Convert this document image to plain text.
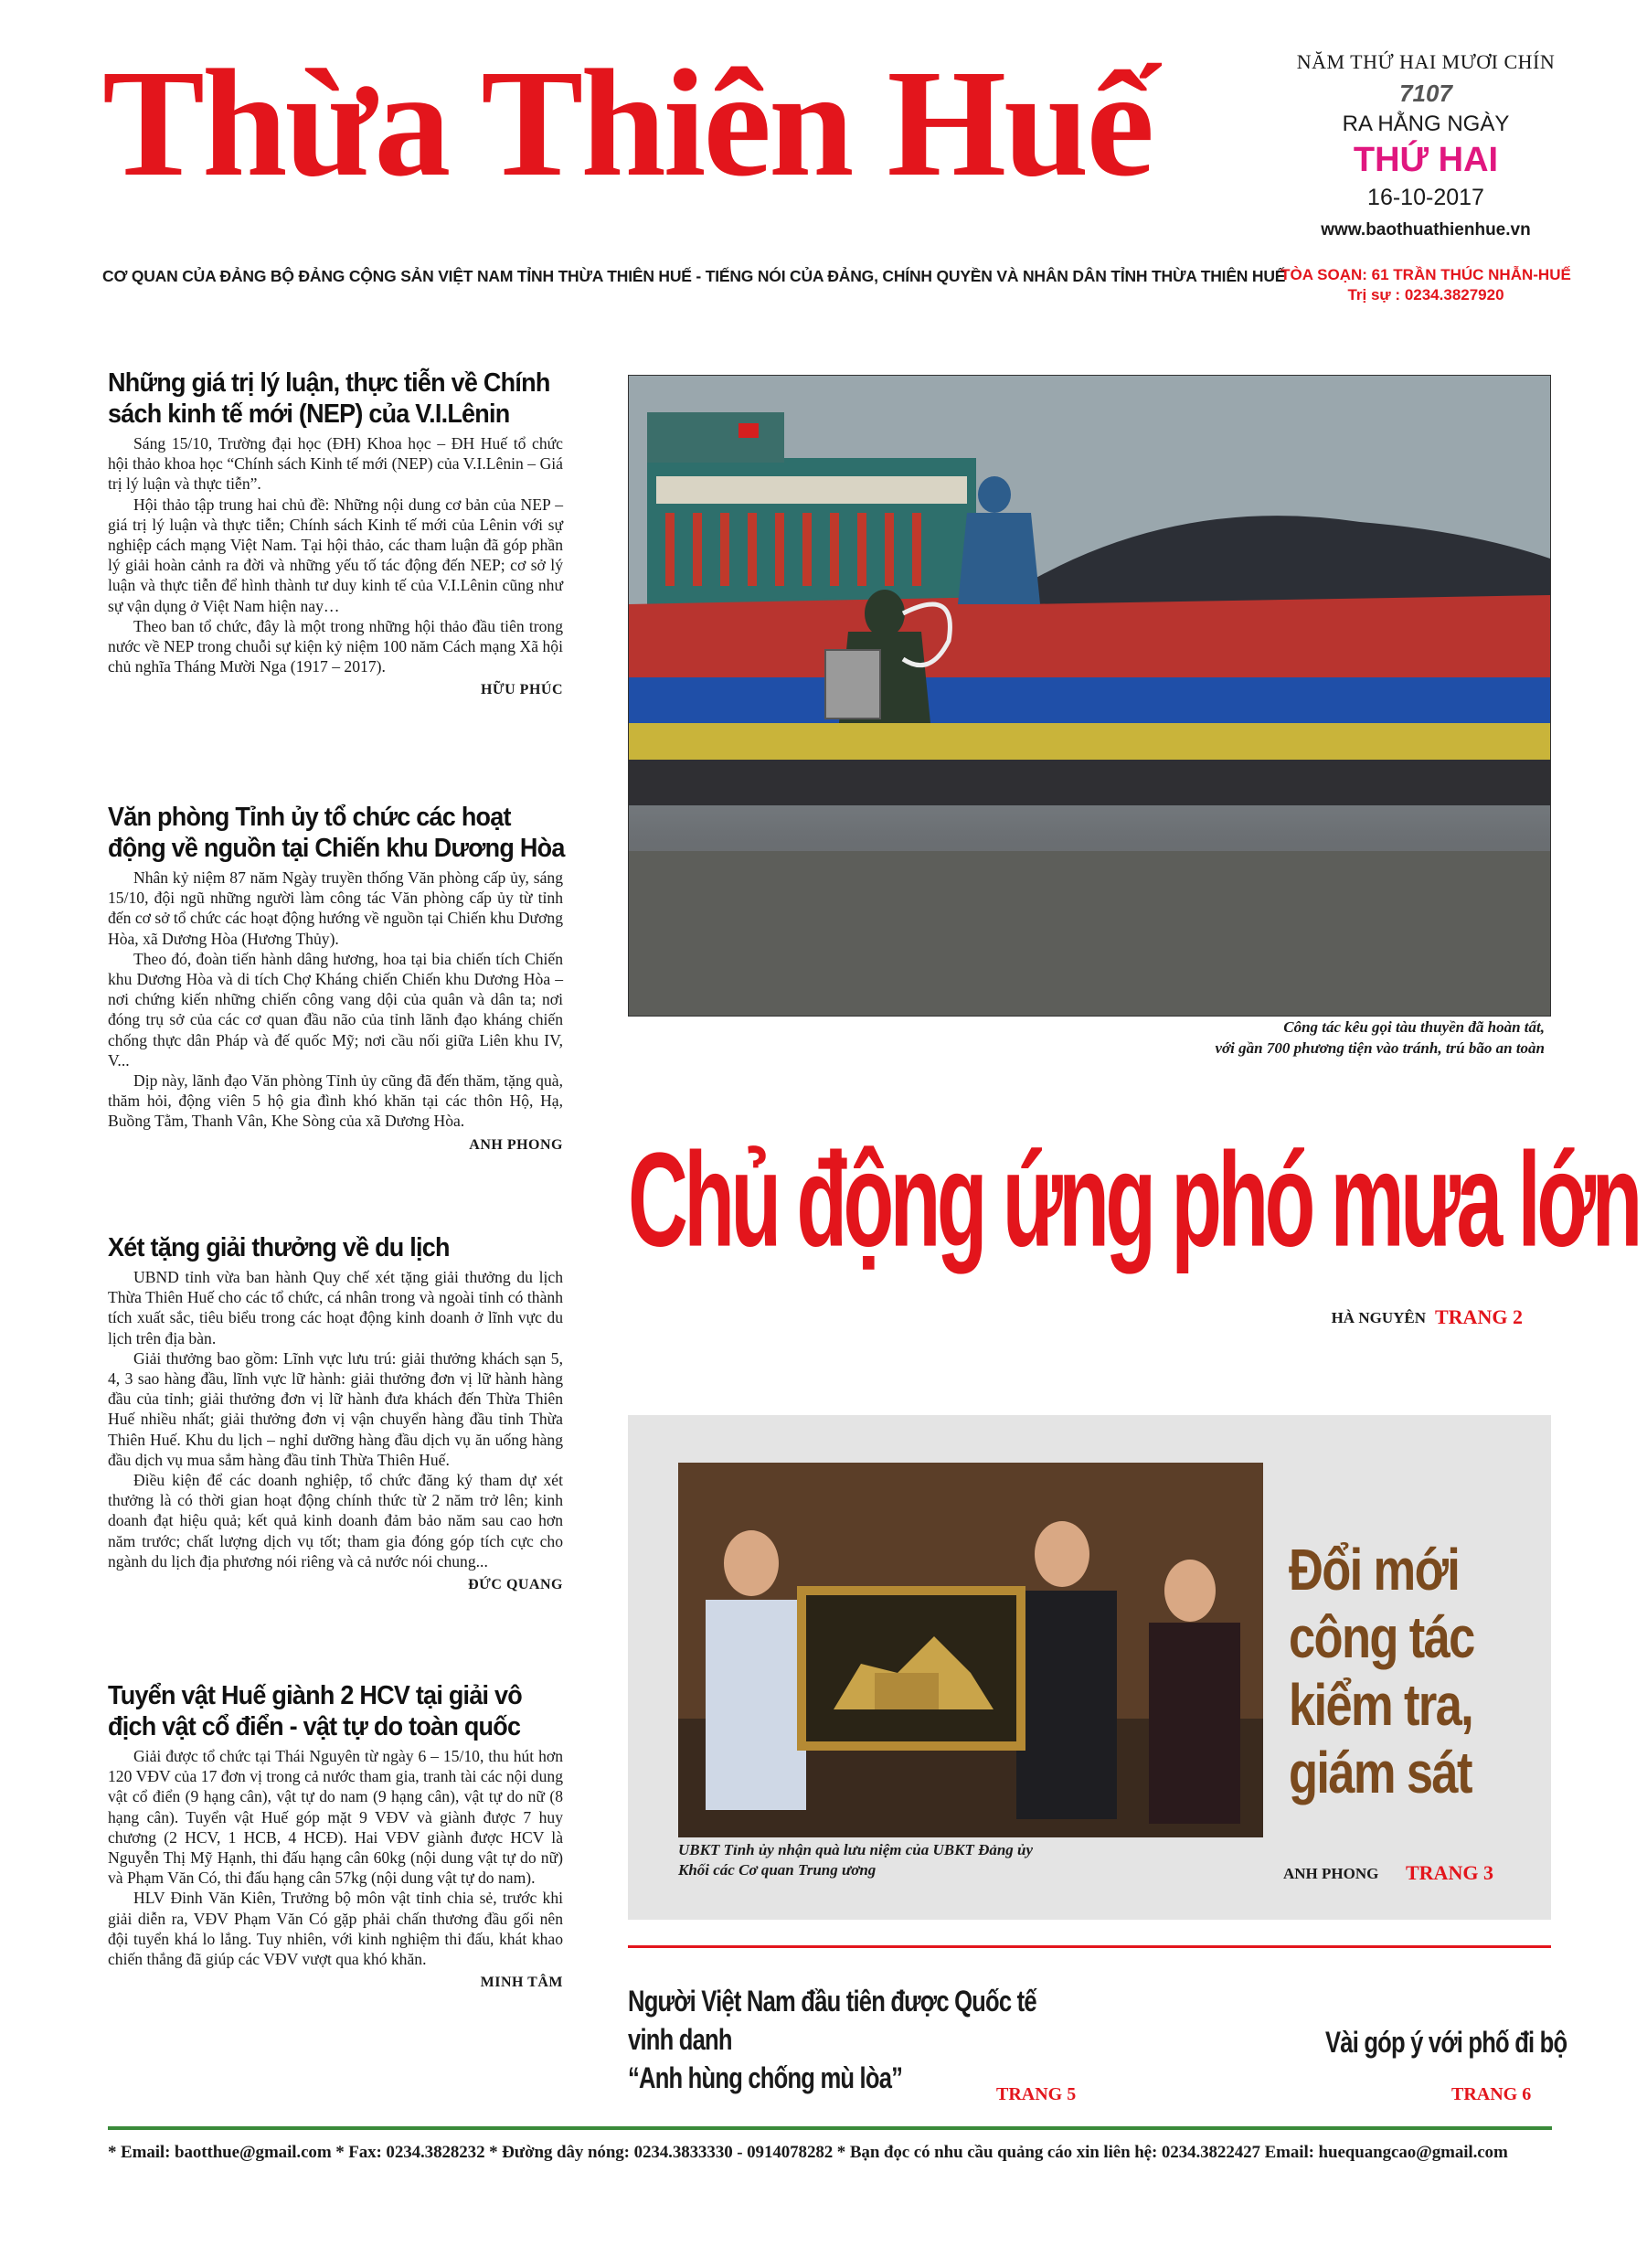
Thừa Thiên Huế
CƠ QUAN CỦA ĐẢNG BỘ ĐẢNG CỘNG SẢN VIỆT NAM TỈNH THỪA THIÊN HUẾ - TIẾNG NÓI CỦA ĐẢNG, CHÍNH QUYỀN VÀ NHÂN DÂN TỈNH THỪA THIÊN HUẾ
NĂM THỨ HAI MƯƠI CHÍN
7107
RA HẰNG NGÀY
THỨ HAI
16-10-2017
www.baothuathienhue.vn
TÒA SOẠN: 61 TRẦN THÚC NHẪN-HUẾ
Trị sự : 0234.3827920
Những giá trị lý luận, thực tiễn về Chính sách kinh tế mới (NEP) của V.I.Lênin

Sáng 15/10, Trường đại học (ĐH) Khoa học – ĐH Huế tổ chức hội thảo khoa học “Chính sách Kinh tế mới (NEP) của V.I.Lênin – Giá trị lý luận và thực tiễn”.

Hội thảo tập trung hai chủ đề: Những nội dung cơ bản của NEP – giá trị lý luận và thực tiễn; Chính sách Kinh tế mới của Lênin với sự nghiệp cách mạng Việt Nam. Tại hội thảo, các tham luận đã góp phần lý giải hoàn cảnh ra đời và những yếu tố tác động đến NEP; cơ sở lý luận và thực tiễn để hình thành tư duy kinh tế của V.I.Lênin cũng như sự vận dụng ở Việt Nam hiện nay…

Theo ban tổ chức, đây là một trong những hội thảo đầu tiên trong nước về NEP trong chuỗi sự kiện kỷ niệm 100 năm Cách mạng Xã hội chủ nghĩa Tháng Mười Nga (1917 – 2017).

HỮU PHÚC
Văn phòng Tỉnh ủy tổ chức các hoạt động về nguồn tại Chiến khu Dương Hòa

Nhân kỷ niệm 87 năm Ngày truyền thống Văn phòng cấp ủy, sáng 15/10, đội ngũ những người làm công tác Văn phòng cấp ủy từ tỉnh đến cơ sở tổ chức các hoạt động hướng về nguồn tại Chiến khu Dương Hòa, xã Dương Hòa (Hương Thủy).

Theo đó, đoàn tiến hành dâng hương, hoa tại bia chiến tích Chiến khu Dương Hòa và di tích Chợ Kháng chiến Chiến khu Dương Hòa – nơi chứng kiến những chiến công vang dội của quân và dân ta; nơi đóng trụ sở của các cơ quan đầu não của tỉnh lãnh đạo kháng chiến chống thực dân Pháp và đế quốc Mỹ; nơi cầu nối giữa Liên khu IV, V...

Dịp này, lãnh đạo Văn phòng Tỉnh ủy cũng đã đến thăm, tặng quà, thăm hỏi, động viên 5 hộ gia đình khó khăn tại các thôn Hộ, Hạ, Buồng Tằm, Thanh Vân, Khe Sòng của xã Dương Hòa.

ANH PHONG
Xét tặng giải thưởng về du lịch

UBND tỉnh vừa ban hành Quy chế xét tặng giải thưởng du lịch Thừa Thiên Huế cho các tổ chức, cá nhân trong và ngoài tỉnh có thành tích xuất sắc, tiêu biểu trong các hoạt động kinh doanh ở lĩnh vực du lịch trên địa bàn.

Giải thưởng bao gồm: Lĩnh vực lưu trú: giải thưởng khách sạn 5, 4, 3 sao hàng đầu, lĩnh vực lữ hành: giải thưởng đơn vị lữ hành hàng đầu của tỉnh; giải thưởng đơn vị lữ hành đưa khách đến Thừa Thiên Huế nhiều nhất; giải thưởng đơn vị vận chuyển hàng đầu tỉnh Thừa Thiên Huế. Khu du lịch – nghỉ dưỡng hàng đầu dịch vụ ăn uống hàng đầu dịch vụ mua sắm hàng đầu tỉnh Thừa Thiên Huế.

Điều kiện để các doanh nghiệp, tổ chức đăng ký tham dự xét thưởng là có thời gian hoạt động chính thức từ 2 năm trở lên; kinh doanh đạt hiệu quả; kết quả kinh doanh đảm bảo năm sau cao hơn năm trước; chất lượng dịch vụ tốt; tham gia đóng góp tích cực cho ngành du lịch địa phương nói riêng và cả nước nói chung...

ĐỨC QUANG
Tuyển vật Huế giành 2 HCV tại giải vô địch vật cổ điển - vật tự do toàn quốc

Giải được tổ chức tại Thái Nguyên từ ngày 6 – 15/10, thu hút hơn 120 VĐV của 17 đơn vị trong cả nước tham gia, tranh tài các nội dung vật cổ điển (9 hạng cân), vật tự do nam (9 hạng cân), vật tự do nữ (8 hạng cân). Tuyển vật Huế góp mặt 9 VĐV và giành được 7 huy chương (2 HCV, 1 HCB, 4 HCĐ). Hai VĐV giành được HCV là Nguyễn Thị Mỹ Hạnh, thi đấu hạng cân 60kg (nội dung vật tự do nữ) và Phạm Văn Có, thi đấu hạng cân 57kg (nội dung vật tự do nam).

HLV Đinh Văn Kiên, Trưởng bộ môn vật tỉnh chia sẻ, trước khi giải diễn ra, VĐV Phạm Văn Có gặp phải chấn thương đầu gối nên đội tuyển khá lo lắng. Tuy nhiên, với kinh nghiệm thi đấu, khát khao chiến thắng đã giúp các VĐV vượt qua khó khăn.

MINH TÂM
Công tác kêu gọi tàu thuyền đã hoàn tất,
với gần 700 phương tiện vào tránh, trú bão an toàn
Chủ động ứng phó mưa lớn
HÀ NGUYÊN TRANG 2
UBKT Tỉnh ủy nhận quà lưu niệm của UBKT Đảng ủy
Khối các Cơ quan Trung ương
Đổi mới
công tác
kiểm tra,
giám sát
ANH PHONG TRANG 3
Người Việt Nam đầu tiên được Quốc tế vinh danh
“Anh hùng chống mù lòa”	TRANG 5
Vài góp ý với phố đi bộ
TRANG 6
* Email: baotthue@gmail.com * Fax: 0234.3828232 * Đường dây nóng: 0234.3833330 - 0914078282 * Bạn đọc có nhu cầu quảng cáo xin liên hệ: 0234.3822427 Email: huequangcao@gmail.com
